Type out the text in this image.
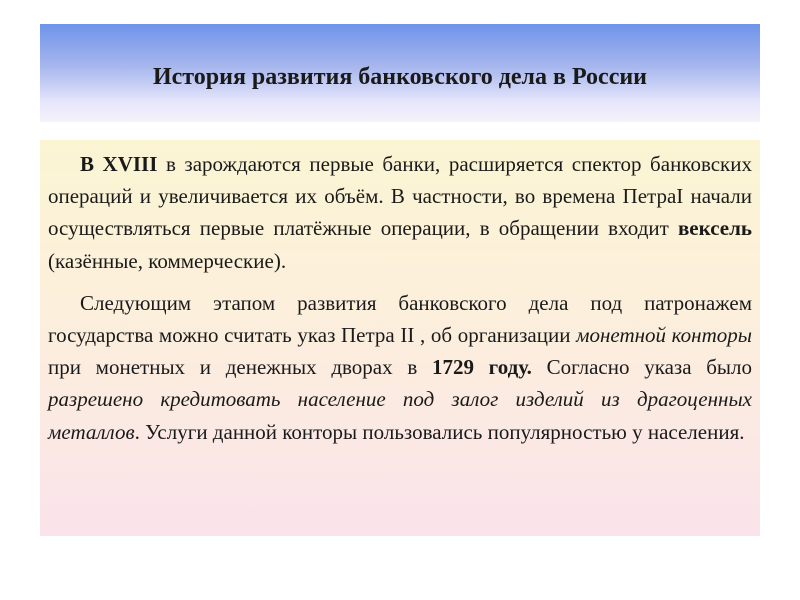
История развития банковского дела в России

В XVIII в зарождаются первые банки, расширяется спектор банковских операций и увеличивается их объём. В частности, во времена ПетраI начали осуществляться первые платёжные операции, в обращении входит вексель (казённые, коммерческие).

Следующим этапом развития банковского дела под патронажем государства можно считать указ Петра II , об организации монетной конторы при монетных и денежных дворах в 1729 году. Согласно указа было разрешено кредитовать население под залог изделий из драгоценных металлов. Услуги данной конторы пользовались популярностью у населения.
